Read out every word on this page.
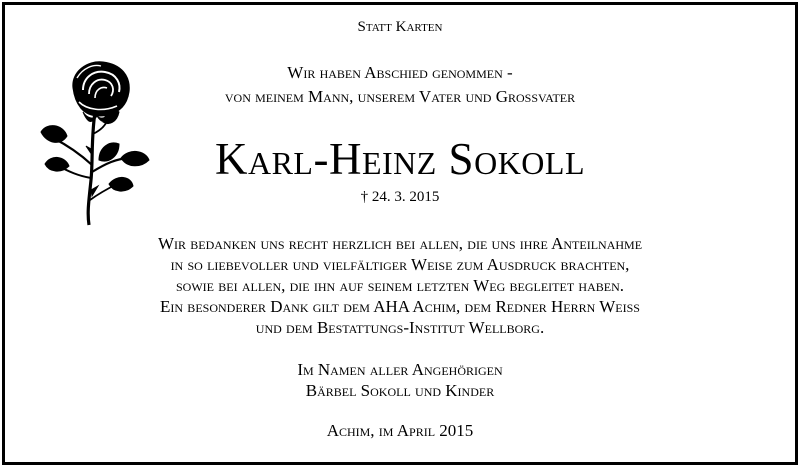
Statt Karten
Wir haben Abschied genommen -
von meinem Mann, unserem Vater und Grossvater
Karl-Heinz Sokoll
† 24. 3. 2015
Wir bedanken uns recht herzlich bei allen, die uns ihre Anteilnahme
in so liebevoller und vielfältiger Weise zum Ausdruck brachten,
sowie bei allen, die ihn auf seinem letzten Weg begleitet haben.
Ein besonderer Dank gilt dem AHA Achim, dem Redner Herrn Weiss
und dem Bestattungs-Institut Wellborg.
Im Namen aller Angehörigen
Bärbel Sokoll und Kinder
Achim, im April 2015
